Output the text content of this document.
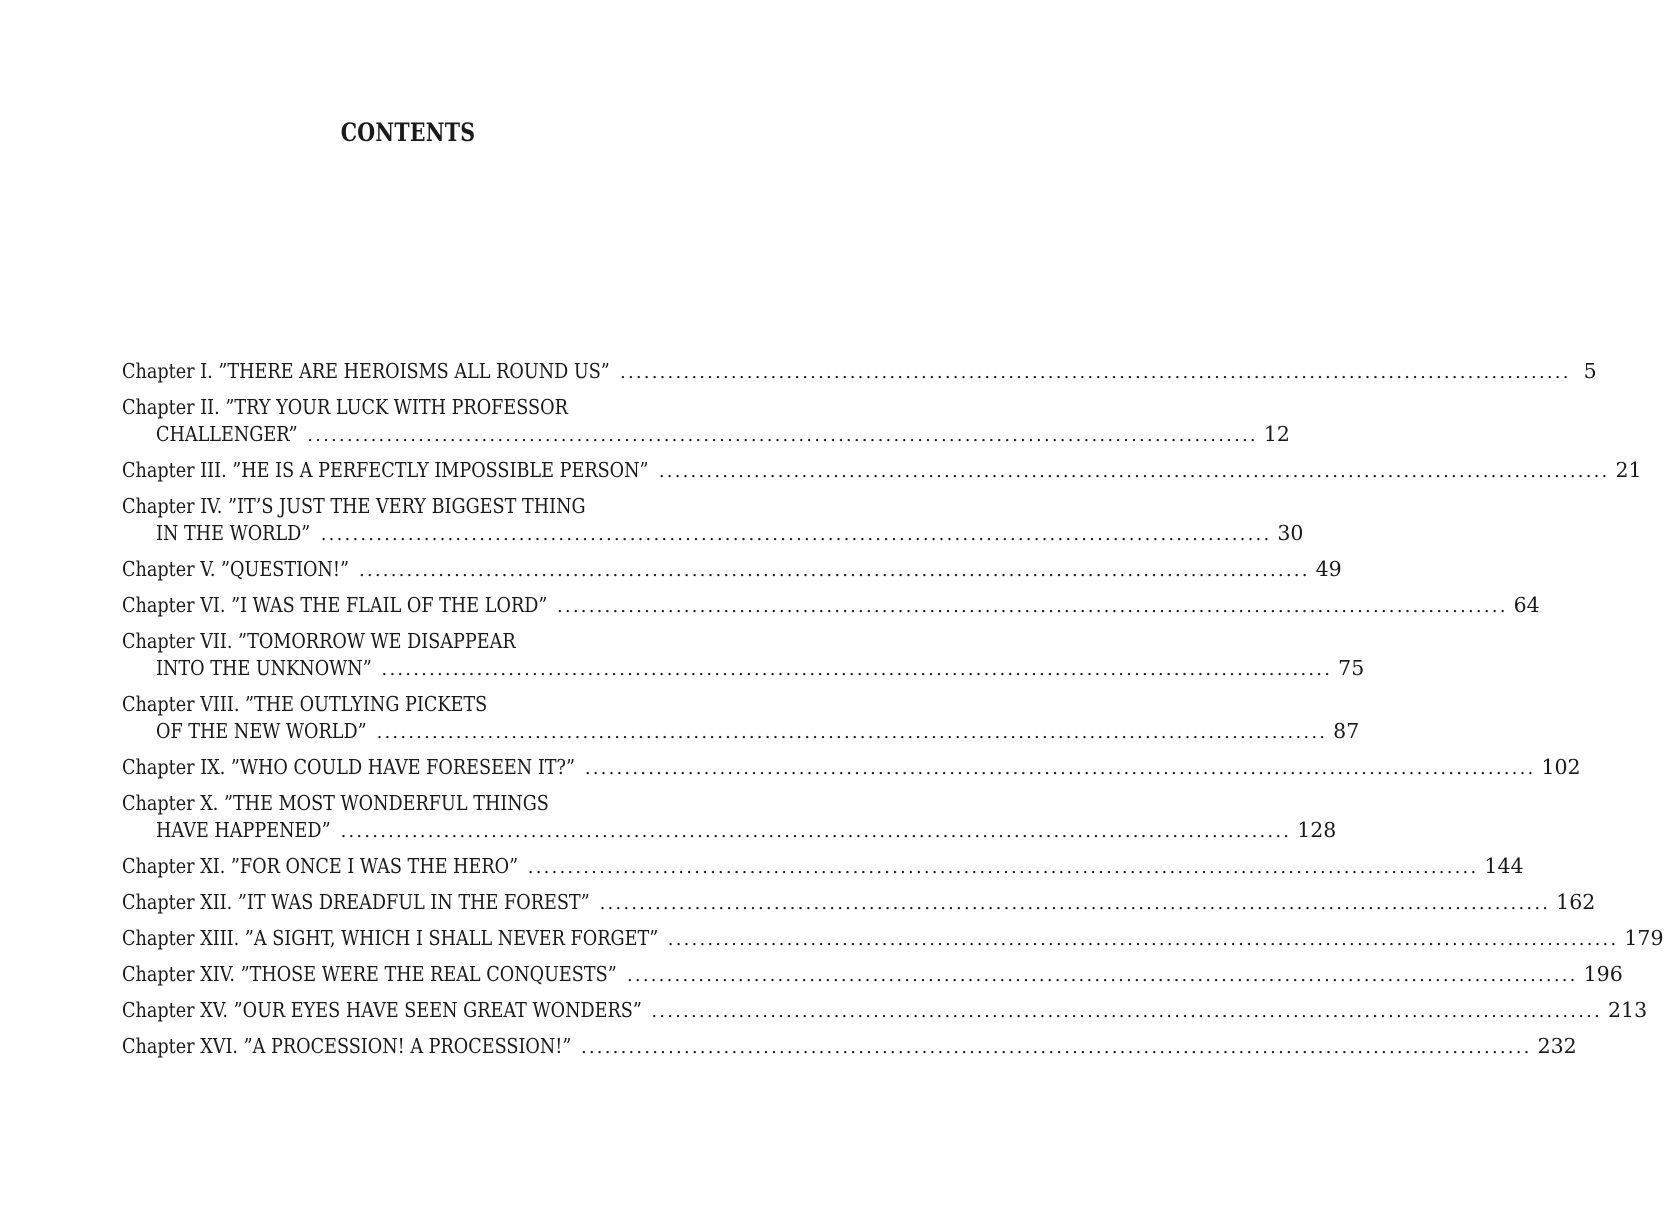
CONTENTS
Chapter I. ”THERE ARE HEROISMS ALL ROUND US” ........................................................................................................................ 5
Chapter II. ”TRY YOUR LUCK WITH PROFESSOR
CHALLENGER” ........................................................................................................................ 12
Chapter III. ”HE IS A PERFECTLY IMPOSSIBLE PERSON” ........................................................................................................................ 21
Chapter IV. ”IT’S JUST THE VERY BIGGEST THING
IN THE WORLD” ........................................................................................................................ 30
Chapter V. ”QUESTION!” ........................................................................................................................ 49
Chapter VI. ”I WAS THE FLAIL OF THE LORD” ........................................................................................................................ 64
Chapter VII. ”TOMORROW WE DISAPPEAR
INTO THE UNKNOWN” ........................................................................................................................ 75
Chapter VIII. ”THE OUTLYING PICKETS
OF THE NEW WORLD” ........................................................................................................................ 87
Chapter IX. ”WHO COULD HAVE FORESEEN IT?” ........................................................................................................................ 102
Chapter X. ”THE MOST WONDERFUL THINGS
HAVE HAPPENED” ........................................................................................................................ 128
Chapter XI. ”FOR ONCE I WAS THE HERO” ........................................................................................................................ 144
Chapter XII. ”IT WAS DREADFUL IN THE FOREST” ........................................................................................................................ 162
Chapter XIII. ”A SIGHT, WHICH I SHALL NEVER FORGET” ........................................................................................................................ 179
Chapter XIV. ”THOSE WERE THE REAL CONQUESTS” ........................................................................................................................ 196
Chapter XV. ”OUR EYES HAVE SEEN GREAT WONDERS” ........................................................................................................................ 213
Chapter XVI. ”A PROCESSION! A PROCESSION!” ........................................................................................................................ 232
